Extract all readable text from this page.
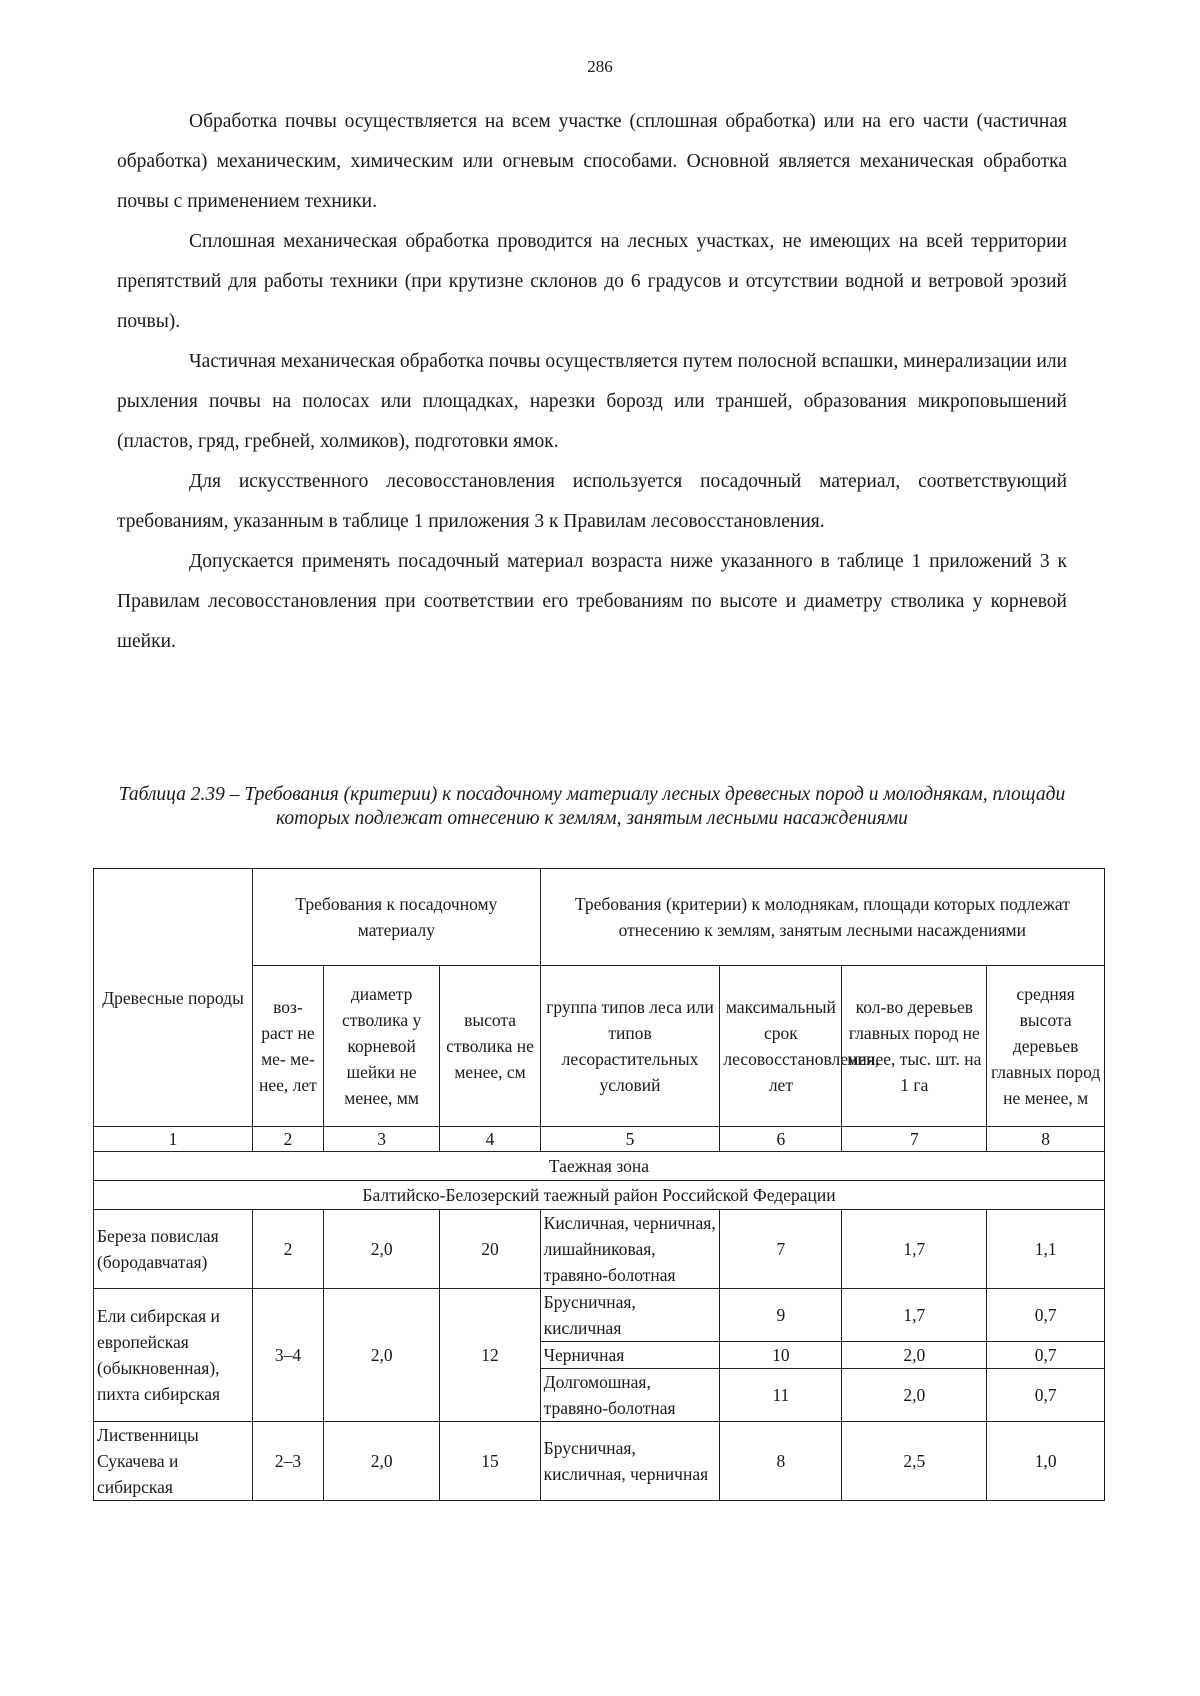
286

Обработка почвы осуществляется на всем участке (сплошная обработка) или на его части (частичная обработка) механическим, химическим или огневым способами. Основной является механическая обработка почвы с применением техники.

Сплошная механическая обработка проводится на лесных участках, не имеющих на всей территории препятствий для работы техники (при крутизне склонов до 6 градусов и отсутствии водной и ветровой эрозий почвы).

Частичная механическая обработка почвы осуществляется путем полосной вспашки, минерализации или рыхления почвы на полосах или площадках, нарезки борозд или траншей, образования микроповышений (пластов, гряд, гребней, холмиков), подготовки ямок.

Для искусственного лесовосстановления используется посадочный материал, соответствующий требованиям, указанным в таблице 1 приложения 3 к Правилам лесовосстановления.

Допускается применять посадочный материал возраста ниже указанного в таблице 1 приложений 3 к Правилам лесовосстановления при соответствии его требованиям по высоте и диаметру стволика у корневой шейки.

Таблица 2.39 – Требования (критерии) к посадочному материалу лесных древесных пород и молоднякам, площади которых подлежат отнесению к землям, занятым лесными насаждениями
Древесные породы	Требования к посадочному материалу			Требования (критерии) к молоднякам, площади которых подлежат отнесению к землям, занятым лесными насаждениями			
	воз- раст не ме- ме- нее, лет	диаметр стволика у корневой шейки не менее, мм	высота стволика не менее, см	группа типов леса или типов лесорастительных условий	максимальный срок лесовосстановления, лет	кол-во деревьев главных пород не менее, тыс. шт. на 1 га	средняя высота деревьев главных пород не менее, м
1	2	3	4	5	6	7	8
Таежная зона							
Балтийско-Белозерский таежный район Российской Федерации							
Береза повислая (бородавчатая)	2	2,0	20	Кисличная, черничная, лишайниковая, травяно-болотная	7	1,7	1,1
Ели сибирская и европейская (обыкновенная), пихта сибирская	3–4	2,0	12	Брусничная, кисличная	9	1,7	0,7
				Черничная	10	2,0	0,7
				Долгомошная, травяно-болотная	11	2,0	0,7
Лиственницы Сукачева и сибирская	2–3	2,0	15	Брусничная, кисличная, черничная	8	2,5	1,0
